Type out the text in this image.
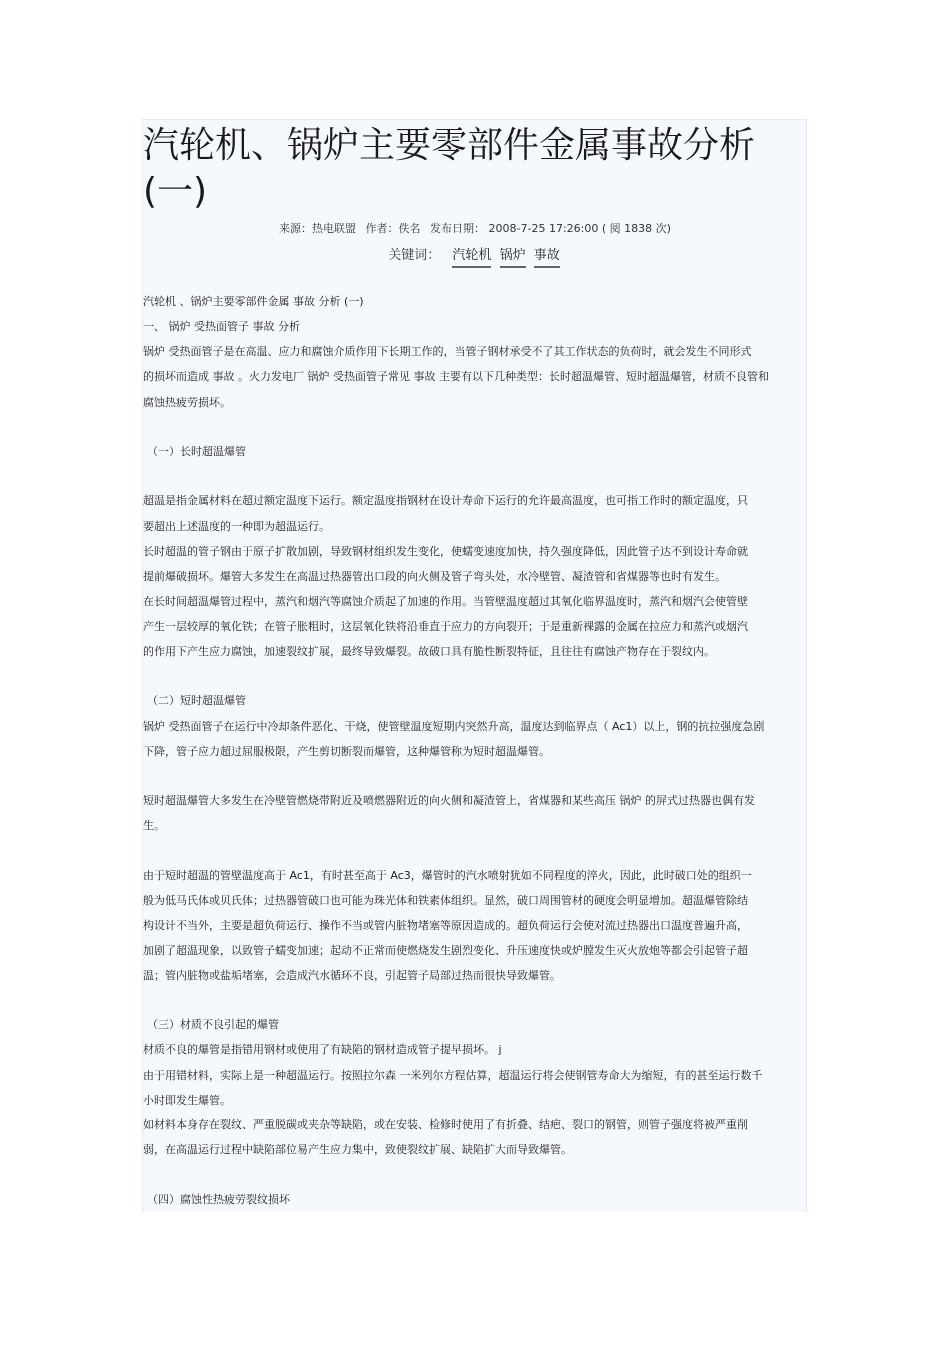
汽轮机、锅炉主要零部件金属事故分析
(一)
来源：热电联盟 作者：佚名 发布日期： 2008-7-25 17:26:00 ( 阅 1838 次)
关键词： 汽轮机 锅炉 事故
汽轮机 、锅炉主要零部件金属 事故 分析 (一)
一、 锅炉 受热面管子 事故 分析
锅炉 受热面管子是在高温、应力和腐蚀介质作用下长期工作的，当管子钢材承受不了其工作状态的负荷时，就会发生不同形式
的损坏而造成 事故 。火力发电厂 锅炉 受热面管子常见 事故 主要有以下几种类型：长时超温爆管、短时超温爆管，材质不良管和
腐蚀热疲劳损坏。
（一）长时超温爆管
超温是指金属材料在超过额定温度下运行。额定温度指钢材在设计寿命下运行的允许最高温度，也可指工作时的额定温度，只
要超出上述温度的一种即为超温运行。
长时超温的管子钢由于原子扩散加剧，导致钢材组织发生变化，使蠕变速度加快，持久强度降低，因此管子达不到设计寿命就
提前爆破损坏。爆管大多发生在高温过热器管出口段的向火侧及管子弯头处，水冷壁管、凝渣管和省煤器等也时有发生。
在长时间超温爆管过程中，蒸汽和烟汽等腐蚀介质起了加速的作用。当管壁温度超过其氧化临界温度时，蒸汽和烟汽会使管壁
产生一层较厚的氧化铁；在管子胀粗时，这层氧化铁将沿垂直于应力的方向裂开；于是重新裸露的金属在拉应力和蒸汽或烟汽
的作用下产生应力腐蚀，加速裂纹扩展，最终导致爆裂。故破口具有脆性断裂特征，且往往有腐蚀产物存在于裂纹内。
（二）短时超温爆管
锅炉 受热面管子在运行中冷却条件恶化、干烧，使管壁温度短期内突然升高，温度达到临界点（ Ac1）以上，钢的抗拉强度急剧
下降，管子应力超过屈服极限，产生剪切断裂而爆管，这种爆管称为短时超温爆管。
短时超温爆管大多发生在冷壁管燃烧带附近及喷燃器附近的向火侧和凝渣管上，省煤器和某些高压 锅炉 的屏式过热器也偶有发
生。
由于短时超温的管壁温度高于 Ac1，有时甚至高于 Ac3，爆管时的汽水喷射犹如不同程度的淬火，因此，此时破口处的组织一
般为低马氏体或贝氏体；过热器管破口也可能为珠光体和铁素体组织。显然，破口周围管材的硬度会明显增加。超温爆管除结
构设计不当外，主要是超负荷运行、操作不当或管内脏物堵塞等原因造成的。超负荷运行会使对流过热器出口温度普遍升高，
加剧了超温现象，以致管子蠕变加速；起动不正常而使燃烧发生剧烈变化、升压速度快或炉膛发生灭火放炮等都会引起管子超
温；管内脏物或盐垢堵塞，会造成汽水循环不良，引起管子局部过热而很快导致爆管。
（三）材质不良引起的爆管
材质不良的爆管是指错用钢材或使用了有缺陷的钢材造成管子提早损坏。 j
由于用错材料，实际上是一种超温运行。按照拉尔森 一米列尔方程估算，超温运行将会使钢管寿命大为缩短，有的甚至运行数千
小时即发生爆管。
如材料本身存在裂纹、严重脱碳或夹杂等缺陷，或在安装、检修时使用了有折叠、结疤、裂口的钢管，则管子强度将被严重削
弱，在高温运行过程中缺陷部位易产生应力集中，致使裂纹扩展、缺陷扩大而导致爆管。
（四）腐蚀性热疲劳裂纹损坏
